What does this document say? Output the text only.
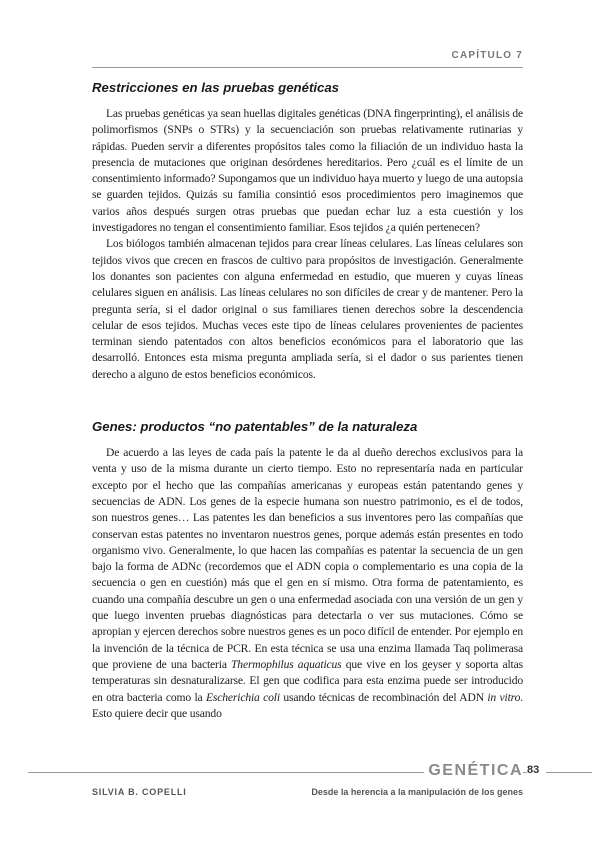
CAPÍTULO 7
Restricciones en las pruebas genéticas

Las pruebas genéticas ya sean huellas digitales genéticas (DNA fingerprinting), el análisis de polimorfismos (SNPs o STRs) y la secuenciación son pruebas relativamente rutinarias y rápidas. Pueden servir a diferentes propósitos tales como la filiación de un individuo hasta la presencia de mutaciones que originan desórdenes hereditarios. Pero ¿cuál es el límite de un consentimiento informado? Supongamos que un individuo haya muerto y luego de una autopsia se guarden tejidos. Quizás su familia consintió esos procedimientos pero imaginemos que varios años después surgen otras pruebas que puedan echar luz a esta cuestión y los investigadores no tengan el consentimiento familiar. Esos tejidos ¿a quién pertenecen?

Los biólogos también almacenan tejidos para crear líneas celulares. Las líneas celulares son tejidos vivos que crecen en frascos de cultivo para propósitos de investigación. Generalmente los donantes son pacientes con alguna enfermedad en estudio, que mueren y cuyas líneas celulares siguen en análisis. Las líneas celulares no son difíciles de crear y de mantener. Pero la pregunta sería, si el dador original o sus familiares tienen derechos sobre la descendencia celular de esos tejidos. Muchas veces este tipo de líneas celulares provenientes de pacientes terminan siendo patentados con altos beneficios económicos para el laboratorio que las desarrolló. Entonces esta misma pregunta ampliada sería, si el dador o sus parientes tienen derecho a alguno de estos beneficios económicos.

Genes: productos “no patentables” de la naturaleza

De acuerdo a las leyes de cada país la patente le da al dueño derechos exclusivos para la venta y uso de la misma durante un cierto tiempo. Esto no representaría nada en particular excepto por el hecho que las compañías americanas y europeas están patentando genes y secuencias de ADN. Los genes de la especie humana son nuestro patrimonio, es el de todos, son nuestros genes… Las patentes les dan beneficios a sus inventores pero las compañías que conservan estas patentes no inventaron nuestros genes, porque además están presentes en todo organismo vivo. Generalmente, lo que hacen las compañías es patentar la secuencia de un gen bajo la forma de ADNc (recordemos que el ADN copia o complementario es una copia de la secuencia o gen en cuestión) más que el gen en sí mismo. Otra forma de patentamiento, es cuando una compañía descubre un gen o una enfermedad asociada con una versión de un gen y que luego inventen pruebas diagnósticas para detectarla o ver sus mutaciones. Cómo se apropian y ejercen derechos sobre nuestros genes es un poco difícil de entender. Por ejemplo en la invención de la técnica de PCR. En esta técnica se usa una enzima llamada Taq polimerasa que proviene de una bacteria Thermophilus aquaticus que vive en los geyser y soporta altas temperaturas sin desnaturalizarse. El gen que codifica para esta enzima puede ser introducido en otra bacteria como la Escherichia coli usando técnicas de recombinación del ADN in vitro. Esto quiere decir que usando

GENÉTICA 83
SILVIA B. COPELLI	Desde la herencia a la manipulación de los genes
